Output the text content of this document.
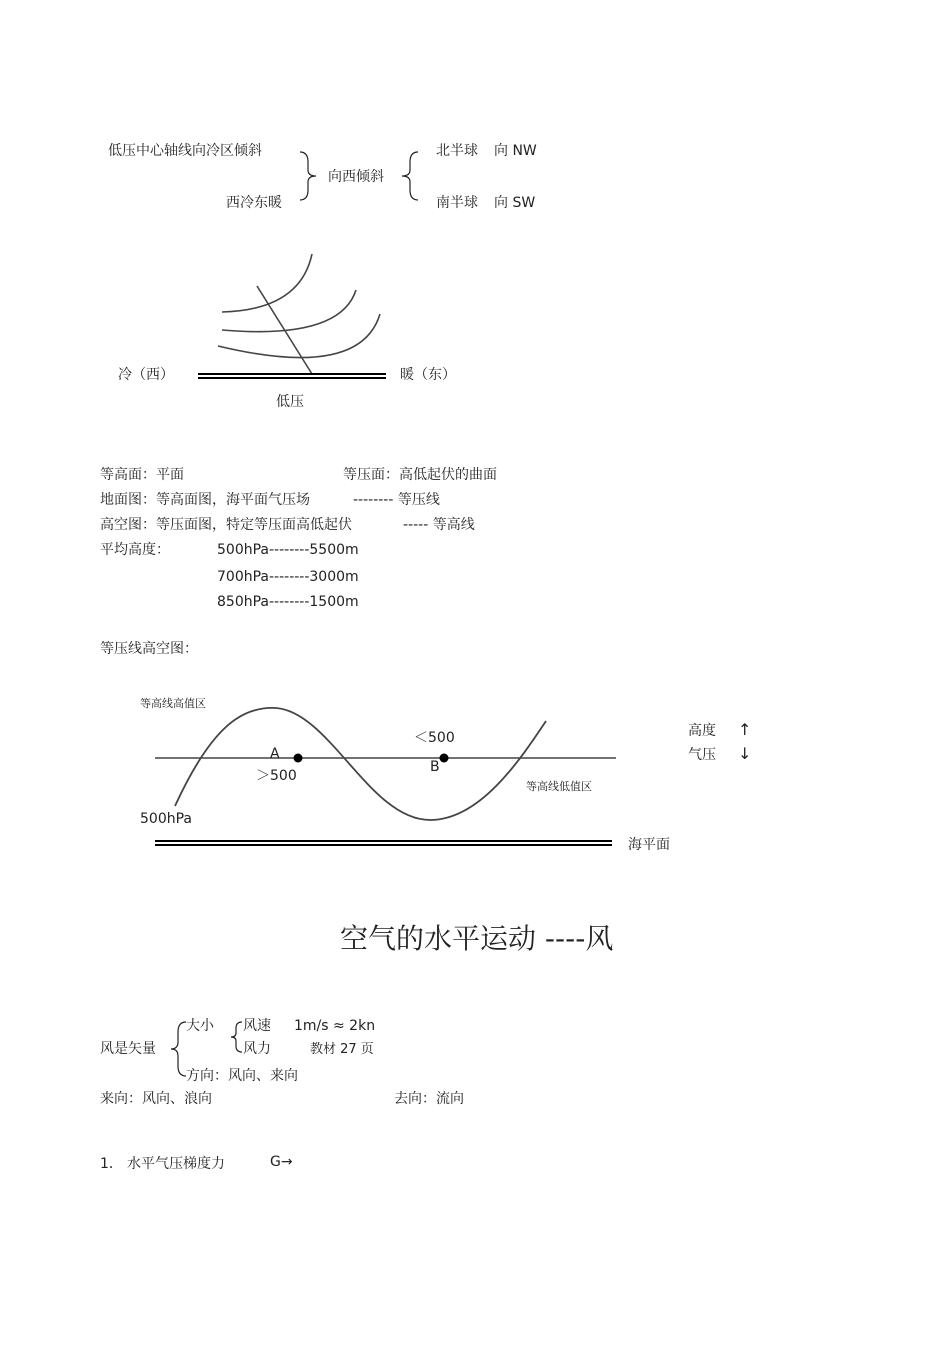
低压中心轴线向冷区倾斜
西冷东暖
向西倾斜
北半球 向 NW
南半球 向 SW
冷（西）	暖（东）
低压
等高面：平面	等压面：高低起伏的曲面
地面图：等高面图，海平面气压场	-------- 等压线
高空图：等压面图，特定等压面高低起伏	----- 等高线
平均高度：	500hPa--------5500m
700hPa--------3000m
850hPa--------1500m
等压线高空图：
等高线高值区
等高线低值区
A
B
＞500
＜500
500hPa
海平面
高度 ↑
气压 ↓
空气的水平运动 ----风
风是矢量
大小 风速 1m/s ≈ 2kn
风力	教材 27 页
方向：风向、来向
来向：风向、浪向	去向：流向
1． 水平气压梯度力	G→
